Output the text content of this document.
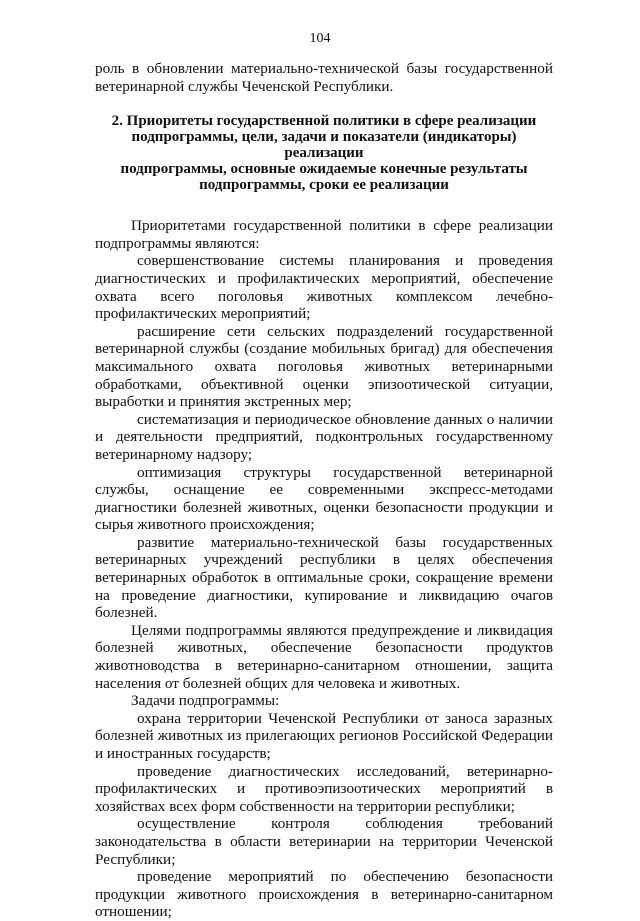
104

роль в обновлении материально-технической базы государственной ветеринарной службы Чеченской Республики.

2. Приоритеты государственной политики в сфере реализации
подпрограммы, цели, задачи и показатели (индикаторы) реализации
подпрограммы, основные ожидаемые конечные результаты
подпрограммы, сроки ее реализации

Приоритетами государственной политики в сфере реализации подпрограммы являются:

совершенствование системы планирования и проведения диагностических и профилактических мероприятий, обеспечение охвата всего поголовья животных комплексом лечебно-профилактических мероприятий;

расширение сети сельских подразделений государственной ветеринарной службы (создание мобильных бригад) для обеспечения максимального охвата поголовья животных ветеринарными обработками, объективной оценки эпизоотической ситуации, выработки и принятия экстренных мер;

систематизация и периодическое обновление данных о наличии и деятельности предприятий, подконтрольных государственному ветеринарному надзору;

оптимизация структуры государственной ветеринарной службы, оснащение ее современными экспресс-методами диагностики болезней животных, оценки безопасности продукции и сырья животного происхождения;

развитие материально-технической базы государственных ветеринарных учреждений республики в целях обеспечения ветеринарных обработок в оптимальные сроки, сокращение времени на проведение диагностики, купирование и ликвидацию очагов болезней.

Целями подпрограммы являются предупреждение и ликвидация болезней животных, обеспечение безопасности продуктов животноводства в ветеринарно-санитарном отношении, защита населения от болезней общих для человека и животных.

Задачи подпрограммы:

охрана территории Чеченской Республики от заноса заразных болезней животных из прилегающих регионов Российской Федерации и иностранных государств;

проведение диагностических исследований, ветеринарно-профилактических и противоэпизоотических мероприятий в хозяйствах всех форм собственности на территории республики;

осуществление контроля соблюдения требований законодательства в области ветеринарии на территории Чеченской Республики;

проведение мероприятий по обеспечению безопасности продукции животного происхождения в ветеринарно-санитарном отношении;
